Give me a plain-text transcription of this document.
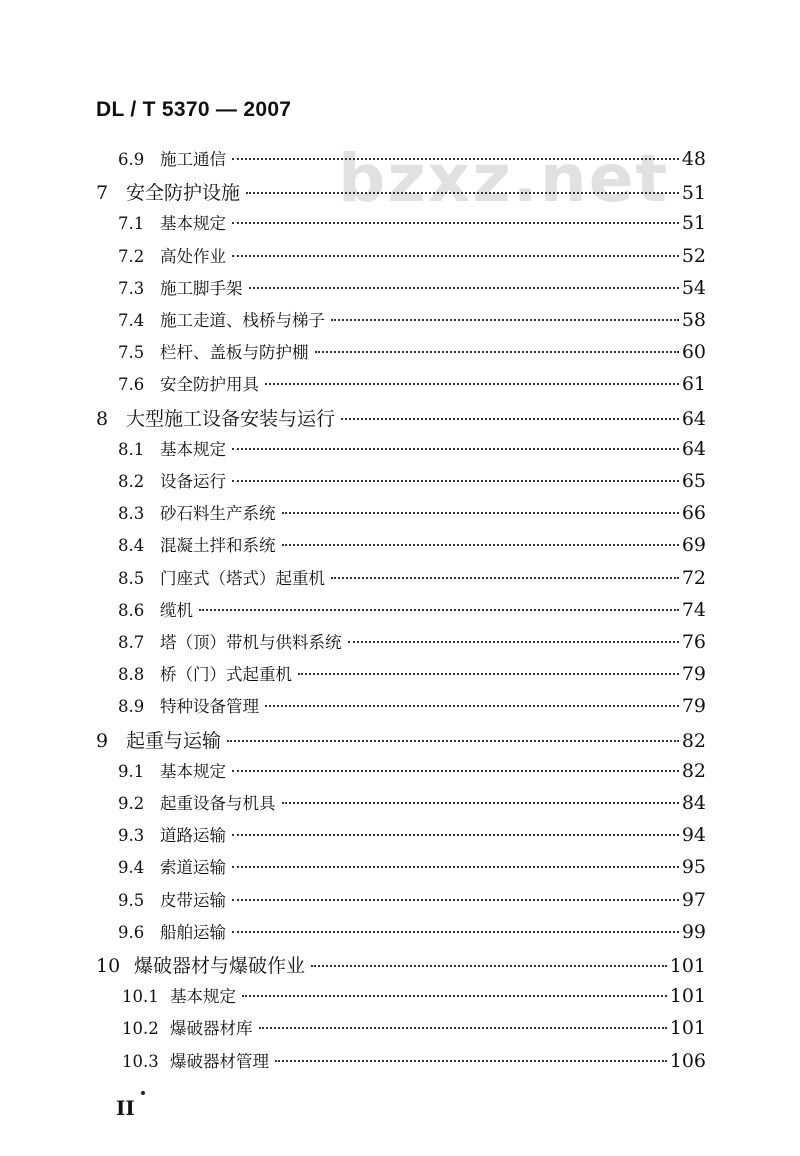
DL / T 5370 — 2007
bzxz.net
6.9 施工通信	48
7 安全防护设施	51
7.1 基本规定	51
7.2 高处作业	52
7.3 施工脚手架	54
7.4 施工走道、栈桥与梯子	58
7.5 栏杆、盖板与防护棚	60
7.6 安全防护用具	61
8 大型施工设备安装与运行	64
8.1 基本规定	64
8.2 设备运行	65
8.3 砂石料生产系统	66
8.4 混凝土拌和系统	69
8.5 门座式（塔式）起重机	72
8.6 缆机	74
8.7 塔（顶）带机与供料系统	76
8.8 桥（门）式起重机	79
8.9 特种设备管理	79
9 起重与运输	82
9.1 基本规定	82
9.2 起重设备与机具	84
9.3 道路运输	94
9.4 索道运输	95
9.5 皮带运输	97
9.6 船舶运输	99
10 爆破器材与爆破作业	101
10.1 基本规定	101
10.2 爆破器材库	101
10.3 爆破器材管理	106
II
